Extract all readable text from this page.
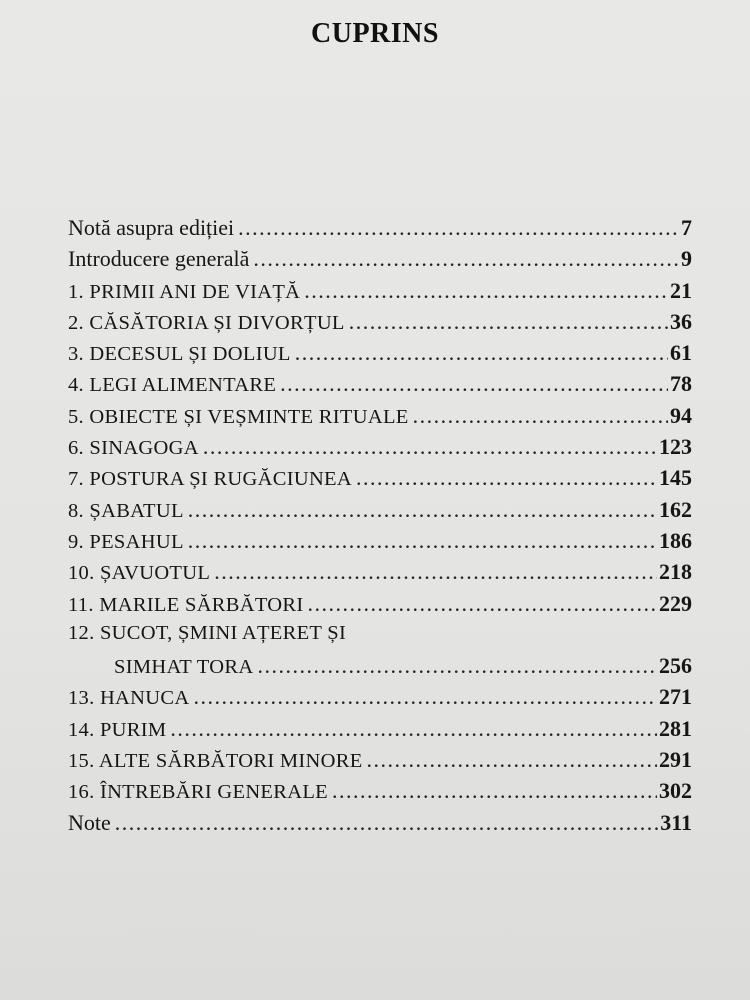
CUPRINS
Notă asupra ediției .....	7
Introducere generală .....	9
1. PRIMII ANI DE VIAȚĂ .....	21
2. CĂSĂTORIA ȘI DIVORȚUL .....	36
3. DECESUL ȘI DOLIUL .....	61
4. LEGI ALIMENTARE .....	78
5. OBIECTE ȘI VEȘMINTE RITUALE .....	94
6. SINAGOGA .....	123
7. POSTURA ȘI RUGĂCIUNEA .....	145
8. ȘABATUL .....	162
9. PESAHUL .....	186
10. ȘAVUOTUL .....	218
11. MARILE SĂRBĂTORI .....	229
12. SUCOT, ȘMINI AȚERET ȘI
SIMHAT TORA .....	256
13. HANUCA .....	271
14. PURIM .....	281
15. ALTE SĂRBĂTORI MINORE .....	291
16. ÎNTREBĂRI GENERALE .....	302
Note .....	311
